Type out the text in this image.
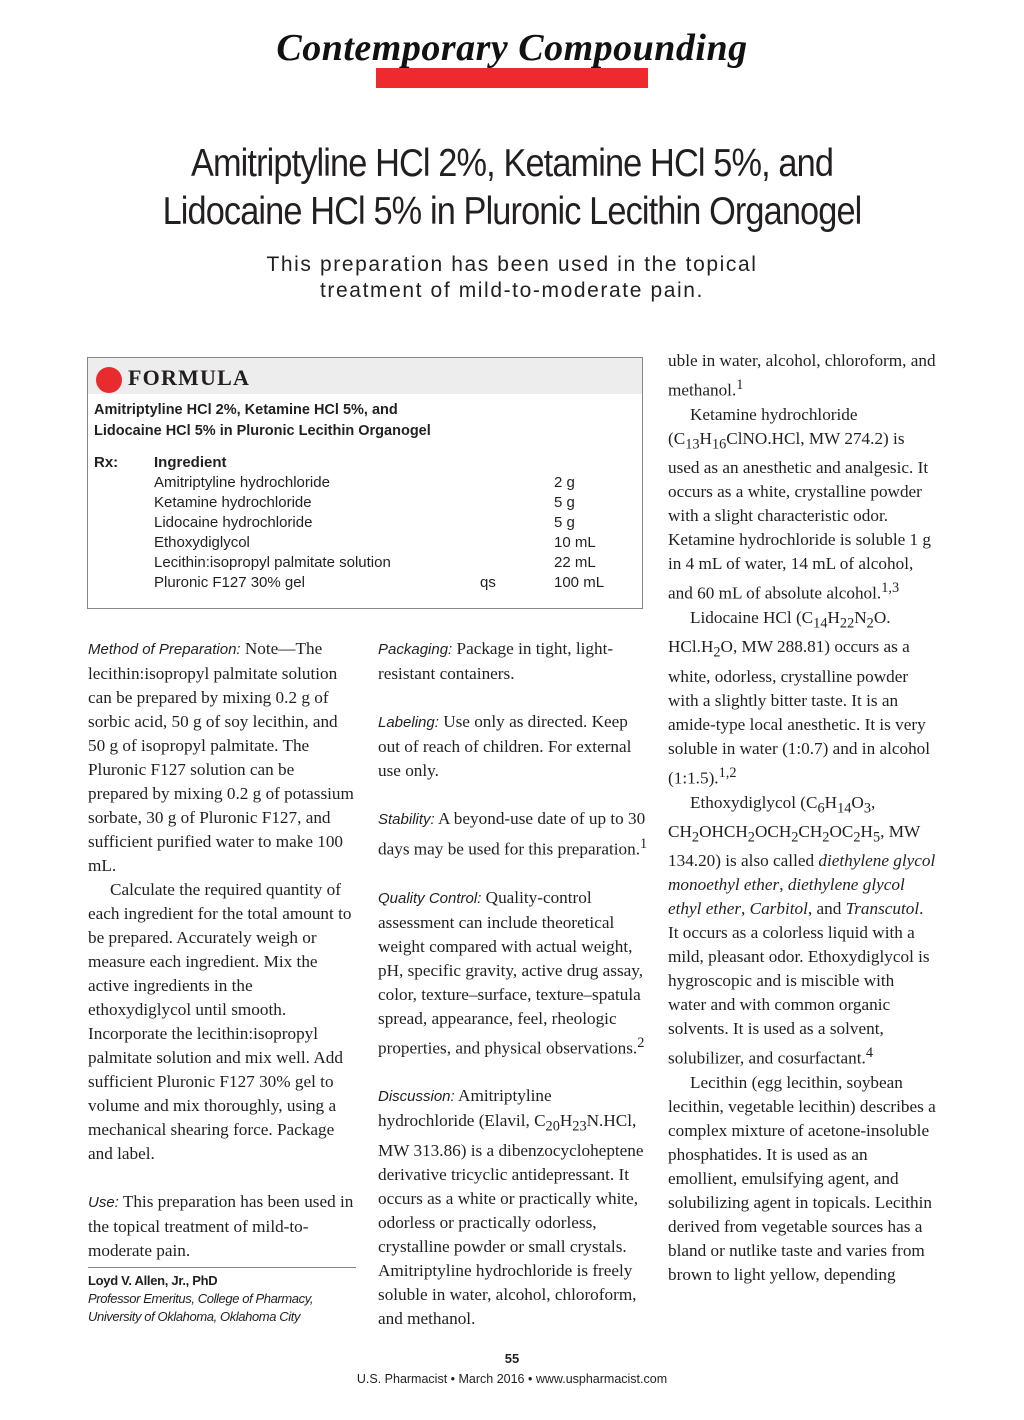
Contemporary Compounding
Amitriptyline HCl 2%, Ketamine HCl 5%, and
Lidocaine HCl 5% in Pluronic Lecithin Organogel
This preparation has been used in the topical
treatment of mild-to-moderate pain.
FORMULA
Amitriptyline HCl 2%, Ketamine HCl 5%, and
Lidocaine HCl 5% in Pluronic Lecithin Organogel
Rx: Ingredient
Amitriptyline hydrochloride	2 g
Ketamine hydrochloride	5 g
Lidocaine hydrochloride	5 g
Ethoxydiglycol	10 mL
Lecithin:isopropyl palmitate solution	22 mL
Pluronic F127 30% gel	qs	100 mL

Method of Preparation: Note—The lecithin:isopropyl palmitate solution can be prepared by mixing 0.2 g of sorbic acid, 50 g of soy lecithin, and 50 g of isopropyl palmitate. The Pluronic F127 solution can be prepared by mixing 0.2 g of potassium sorbate, 30 g of Pluronic F127, and sufficient purified water to make 100 mL.

Calculate the required quantity of each ingredient for the total amount to be prepared. Accurately weigh or measure each ingredient. Mix the active ingredients in the ethoxydiglycol until smooth. Incorporate the lecithin:isopropyl palmitate solution and mix well. Add sufficient Pluronic F127 30% gel to volume and mix thoroughly, using a mechanical shearing force. Package and label.

Use: This preparation has been used in the topical treatment of mild-to-moderate pain.

Loyd V. Allen, Jr., PhD
Professor Emeritus, College of Pharmacy,
University of Oklahoma, Oklahoma City

Packaging: Package in tight, light-resistant containers.

Labeling: Use only as directed. Keep out of reach of children. For external use only.

Stability: A beyond-use date of up to 30 days may be used for this preparation.$^1$

Quality Control: Quality-control assessment can include theoretical weight compared with actual weight, pH, specific gravity, active drug assay, color, texture–surface, texture–spatula spread, appearance, feel, rheologic properties, and physical observations.$^2$

Discussion: Amitriptyline hydrochloride (Elavil, $C_{20}H_{23}N.HCl$, MW 313.86) is a dibenzocycloheptene derivative tricyclic antidepressant. It occurs as a white or practically white, odorless or practically odorless, crystalline powder or small crystals. Amitriptyline hydrochloride is freely soluble in water, alcohol, chloroform, and methanol.

uble in water, alcohol, chloroform, and methanol.$^1$

Ketamine hydrochloride ($C_{13}H_{16}ClNO.HCl$, MW 274.2) is used as an anesthetic and analgesic. It occurs as a white, crystalline powder with a slight characteristic odor. Ketamine hydrochloride is soluble 1 g in 4 mL of water, 14 mL of alcohol, and 60 mL of absolute alcohol.$^{1,3}$

Lidocaine HCl ($C_{14}H_{22}N_2O$. $HCl.H_2O$, MW 288.81) occurs as a white, odorless, crystalline powder with a slightly bitter taste. It is an amide-type local anesthetic. It is very soluble in water (1:0.7) and in alcohol (1:1.5).$^{1,2}$

Ethoxydiglycol ($C_6H_{14}O_3$, $CH_2OHCH_2OCH_2CH_2OC_2H_5$, MW 134.20) is also called diethylene glycol monoethyl ether, diethylene glycol ethyl ether, Carbitol, and Transcutol. It occurs as a colorless liquid with a mild, pleasant odor. Ethoxydiglycol is hygroscopic and is miscible with water and with common organic solvents. It is used as a solvent, solubilizer, and cosurfactant.$^4$

Lecithin (egg lecithin, soybean lecithin, vegetable lecithin) describes a complex mixture of acetone-insoluble phosphatides. It is used as an emollient, emulsifying agent, and solubilizing agent in topicals. Lecithin derived from vegetable sources has a bland or nutlike taste and varies from brown to light yellow, depending

55
U.S. Pharmacist • March 2016 • www.uspharmacist.com
